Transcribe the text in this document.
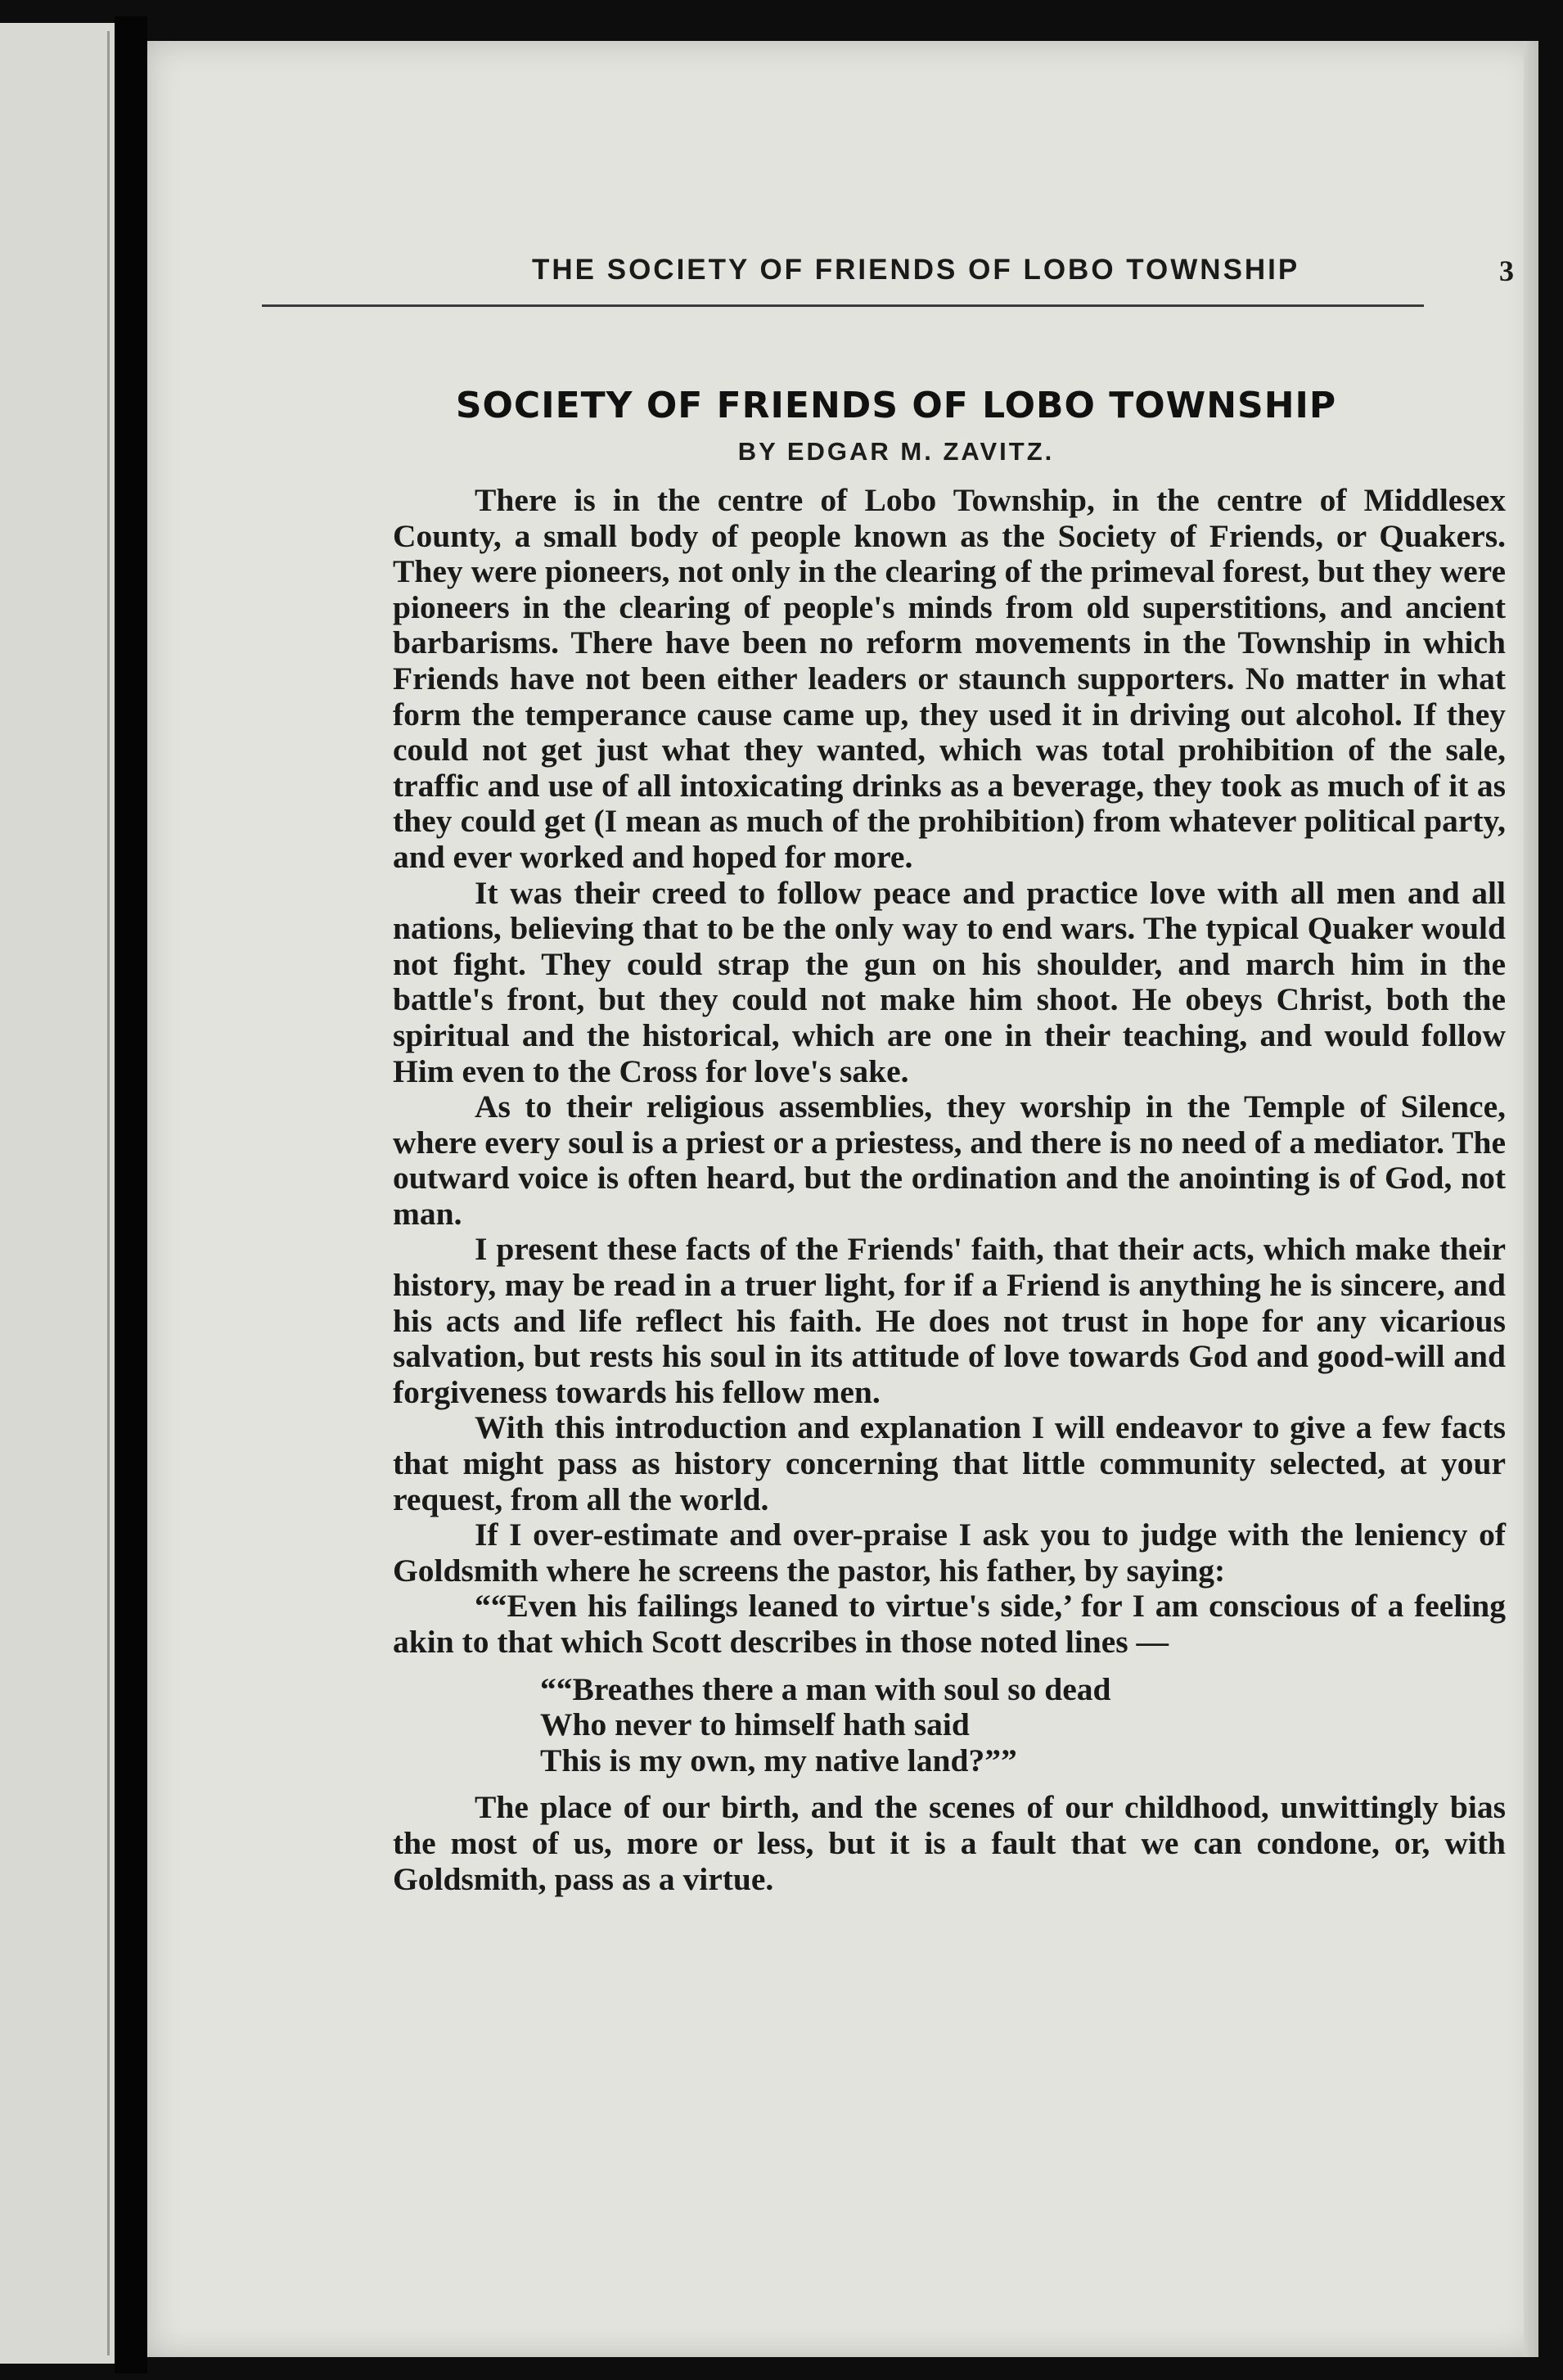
THE SOCIETY OF FRIENDS OF LOBO TOWNSHIP	3
SOCIETY OF FRIENDS OF LOBO TOWNSHIP
BY EDGAR M. ZAVITZ.

There is in the centre of Lobo Township, in the centre of Middlesex County, a small body of people known as the Society of Friends, or Quakers. They were pioneers, not only in the clearing of the primeval forest, but they were pioneers in the clearing of people's minds from old superstitions, and ancient barbarisms. There have been no reform movements in the Township in which Friends have not been either leaders or staunch supporters. No matter in what form the temperance cause came up, they used it in driving out alcohol. If they could not get just what they wanted, which was total prohibition of the sale, traffic and use of all intoxicating drinks as a beverage, they took as much of it as they could get (I mean as much of the prohibition) from whatever political party, and ever worked and hoped for more.

It was their creed to follow peace and practice love with all men and all nations, believing that to be the only way to end wars. The typical Quaker would not fight. They could strap the gun on his shoulder, and march him in the battle's front, but they could not make him shoot. He obeys Christ, both the spiritual and the historical, which are one in their teaching, and would follow Him even to the Cross for love's sake.

As to their religious assemblies, they worship in the Temple of Silence, where every soul is a priest or a priestess, and there is no need of a mediator. The outward voice is often heard, but the ordination and the anointing is of God, not man.

I present these facts of the Friends' faith, that their acts, which make their history, may be read in a truer light, for if a Friend is anything he is sincere, and his acts and life reflect his faith. He does not trust in hope for any vicarious salvation, but rests his soul in its attitude of love towards God and good-will and forgiveness towards his fellow men.

With this introduction and explanation I will endeavor to give a few facts that might pass as history concerning that little community selected, at your request, from all the world.

If I over-estimate and over-praise I ask you to judge with the leniency of Goldsmith where he screens the pastor, his father, by saying:

““Even his failings leaned to virtue's side,’ for I am conscious of a feeling akin to that which Scott describes in those noted lines —

““Breathes there a man with soul so dead
Who never to himself hath said
This is my own, my native land?””

The place of our birth, and the scenes of our childhood, unwittingly bias the most of us, more or less, but it is a fault that we can condone, or, with Goldsmith, pass as a virtue.
